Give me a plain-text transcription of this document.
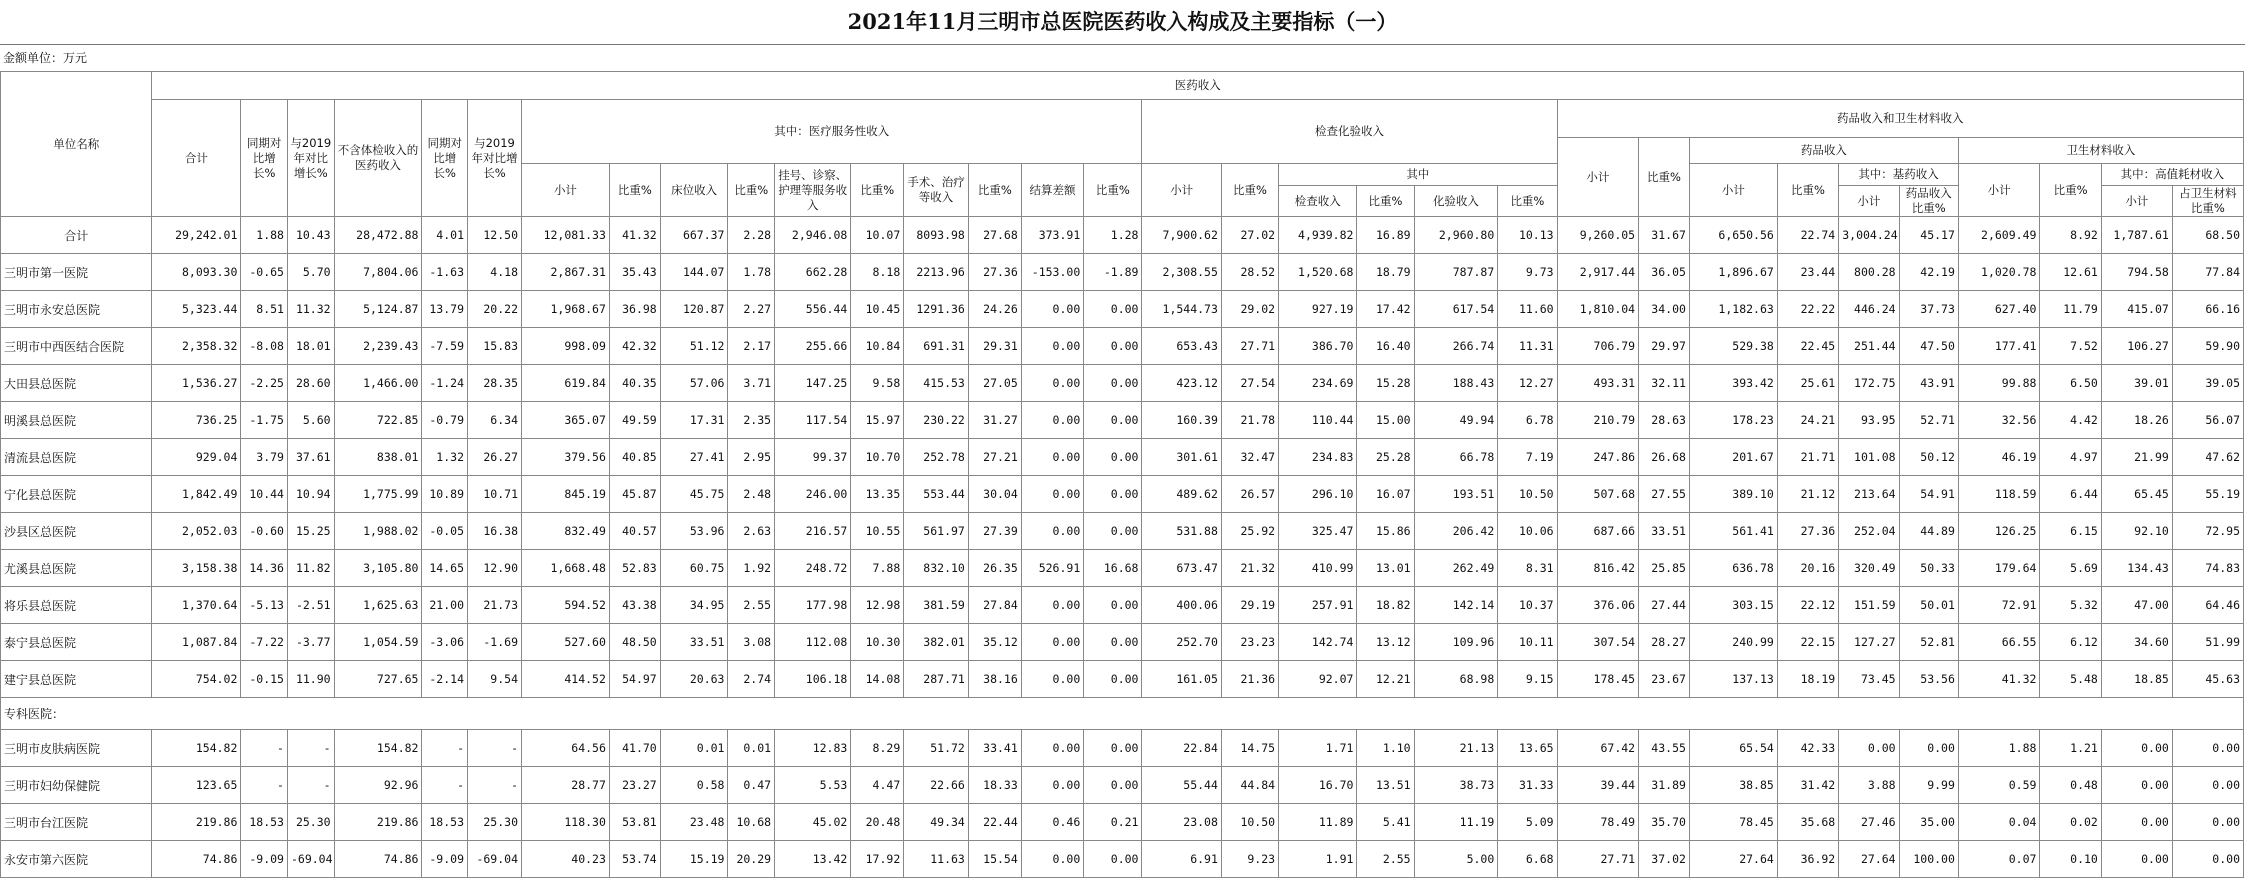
2021年11月三明市总医院医药收入构成及主要指标（一）
金额单位：万元
单位名称	医药收入																															
	合计	同期对比增长%	与2019年对比增长%	不含体检收入的医药收入	同期对比增长%	与2019年对比增长%	其中：医疗服务性收入										检查化验收入						药品收入和卫生材料收入									
																							小计	比重%	药品收入				卫生材料收入			
							小计	比重%	床位收入	比重%	挂号、诊察、护理等服务收入	比重%	手术、治疗等收入	比重%	结算差额	比重%	小计	比重%	其中						小计	比重%	其中：基药收入		小计	比重%	其中：高值耗材收入	
																			检查收入	比重%	化验收入	比重%					小计	药品收入比重%			小计	占卫生材料比重%
合计	29,242.01	1.88	10.43	28,472.88	4.01	12.50	12,081.33	41.32	667.37	2.28	2,946.08	10.07	8093.98	27.68	373.91	1.28	7,900.62	27.02	4,939.82	16.89	2,960.80	10.13	9,260.05	31.67	6,650.56	22.74	3,004.24	45.17	2,609.49	8.92	1,787.61	68.50
三明市第一医院	8,093.30	-0.65	5.70	7,804.06	-1.63	4.18	2,867.31	35.43	144.07	1.78	662.28	8.18	2213.96	27.36	-153.00	-1.89	2,308.55	28.52	1,520.68	18.79	787.87	9.73	2,917.44	36.05	1,896.67	23.44	800.28	42.19	1,020.78	12.61	794.58	77.84
三明市永安总医院	5,323.44	8.51	11.32	5,124.87	13.79	20.22	1,968.67	36.98	120.87	2.27	556.44	10.45	1291.36	24.26	0.00	0.00	1,544.73	29.02	927.19	17.42	617.54	11.60	1,810.04	34.00	1,182.63	22.22	446.24	37.73	627.40	11.79	415.07	66.16
三明市中西医结合医院	2,358.32	-8.08	18.01	2,239.43	-7.59	15.83	998.09	42.32	51.12	2.17	255.66	10.84	691.31	29.31	0.00	0.00	653.43	27.71	386.70	16.40	266.74	11.31	706.79	29.97	529.38	22.45	251.44	47.50	177.41	7.52	106.27	59.90
大田县总医院	1,536.27	-2.25	28.60	1,466.00	-1.24	28.35	619.84	40.35	57.06	3.71	147.25	9.58	415.53	27.05	0.00	0.00	423.12	27.54	234.69	15.28	188.43	12.27	493.31	32.11	393.42	25.61	172.75	43.91	99.88	6.50	39.01	39.05
明溪县总医院	736.25	-1.75	5.60	722.85	-0.79	6.34	365.07	49.59	17.31	2.35	117.54	15.97	230.22	31.27	0.00	0.00	160.39	21.78	110.44	15.00	49.94	6.78	210.79	28.63	178.23	24.21	93.95	52.71	32.56	4.42	18.26	56.07
清流县总医院	929.04	3.79	37.61	838.01	1.32	26.27	379.56	40.85	27.41	2.95	99.37	10.70	252.78	27.21	0.00	0.00	301.61	32.47	234.83	25.28	66.78	7.19	247.86	26.68	201.67	21.71	101.08	50.12	46.19	4.97	21.99	47.62
宁化县总医院	1,842.49	10.44	10.94	1,775.99	10.89	10.71	845.19	45.87	45.75	2.48	246.00	13.35	553.44	30.04	0.00	0.00	489.62	26.57	296.10	16.07	193.51	10.50	507.68	27.55	389.10	21.12	213.64	54.91	118.59	6.44	65.45	55.19
沙县区总医院	2,052.03	-0.60	15.25	1,988.02	-0.05	16.38	832.49	40.57	53.96	2.63	216.57	10.55	561.97	27.39	0.00	0.00	531.88	25.92	325.47	15.86	206.42	10.06	687.66	33.51	561.41	27.36	252.04	44.89	126.25	6.15	92.10	72.95
尤溪县总医院	3,158.38	14.36	11.82	3,105.80	14.65	12.90	1,668.48	52.83	60.75	1.92	248.72	7.88	832.10	26.35	526.91	16.68	673.47	21.32	410.99	13.01	262.49	8.31	816.42	25.85	636.78	20.16	320.49	50.33	179.64	5.69	134.43	74.83
将乐县总医院	1,370.64	-5.13	-2.51	1,625.63	21.00	21.73	594.52	43.38	34.95	2.55	177.98	12.98	381.59	27.84	0.00	0.00	400.06	29.19	257.91	18.82	142.14	10.37	376.06	27.44	303.15	22.12	151.59	50.01	72.91	5.32	47.00	64.46
泰宁县总医院	1,087.84	-7.22	-3.77	1,054.59	-3.06	-1.69	527.60	48.50	33.51	3.08	112.08	10.30	382.01	35.12	0.00	0.00	252.70	23.23	142.74	13.12	109.96	10.11	307.54	28.27	240.99	22.15	127.27	52.81	66.55	6.12	34.60	51.99
建宁县总医院	754.02	-0.15	11.90	727.65	-2.14	9.54	414.52	54.97	20.63	2.74	106.18	14.08	287.71	38.16	0.00	0.00	161.05	21.36	92.07	12.21	68.98	9.15	178.45	23.67	137.13	18.19	73.45	53.56	41.32	5.48	18.85	45.63
专科医院：																																
三明市皮肤病医院	154.82	-	-	154.82	-	-	64.56	41.70	0.01	0.01	12.83	8.29	51.72	33.41	0.00	0.00	22.84	14.75	1.71	1.10	21.13	13.65	67.42	43.55	65.54	42.33	0.00	0.00	1.88	1.21	0.00	0.00
三明市妇幼保健院	123.65	-	-	92.96	-	-	28.77	23.27	0.58	0.47	5.53	4.47	22.66	18.33	0.00	0.00	55.44	44.84	16.70	13.51	38.73	31.33	39.44	31.89	38.85	31.42	3.88	9.99	0.59	0.48	0.00	0.00
三明市台江医院	219.86	18.53	25.30	219.86	18.53	25.30	118.30	53.81	23.48	10.68	45.02	20.48	49.34	22.44	0.46	0.21	23.08	10.50	11.89	5.41	11.19	5.09	78.49	35.70	78.45	35.68	27.46	35.00	0.04	0.02	0.00	0.00
永安市第六医院	74.86	-9.09	-69.04	74.86	-9.09	-69.04	40.23	53.74	15.19	20.29	13.42	17.92	11.63	15.54	0.00	0.00	6.91	9.23	1.91	2.55	5.00	6.68	27.71	37.02	27.64	36.92	27.64	100.00	0.07	0.10	0.00	0.00
